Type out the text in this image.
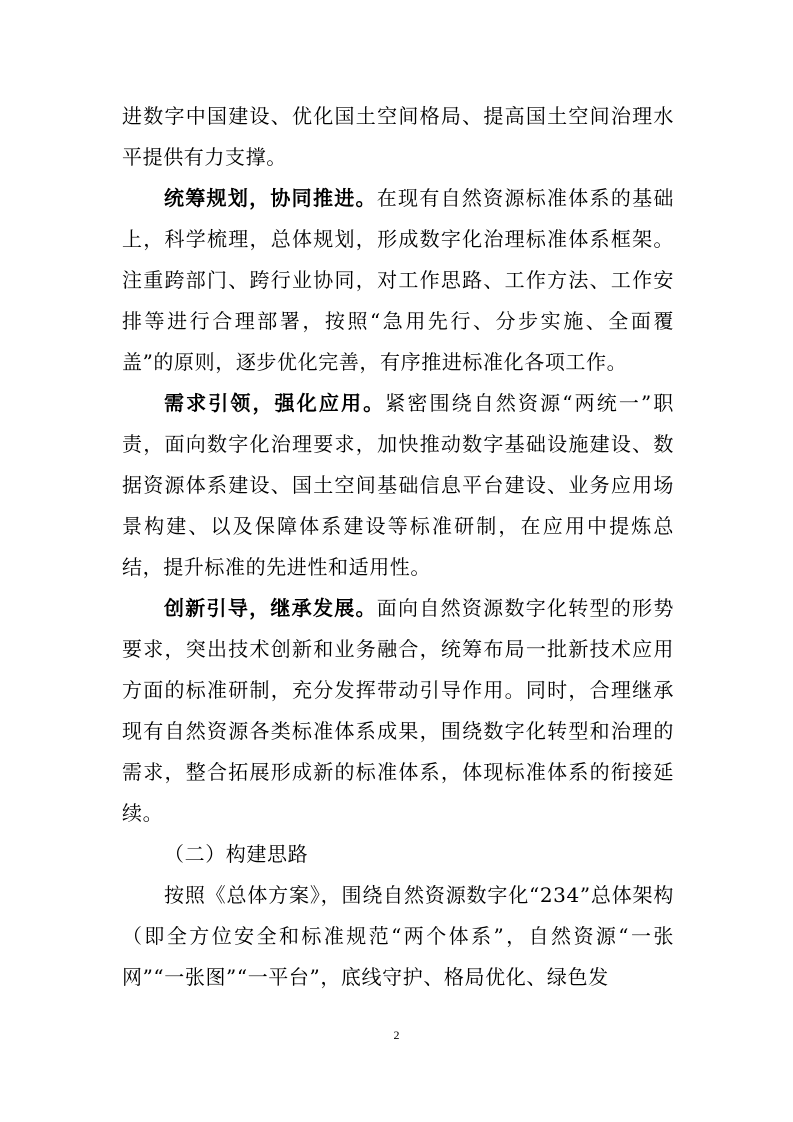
进数字中国建设、优化国土空间格局、提高国土空间治理水平提供有力支撑。

统筹规划，协同推进。在现有自然资源标准体系的基础上，科学梳理，总体规划，形成数字化治理标准体系框架。注重跨部门、跨行业协同，对工作思路、工作方法、工作安排等进行合理部署，按照“急用先行、分步实施、全面覆盖”的原则，逐步优化完善，有序推进标准化各项工作。

需求引领，强化应用。紧密围绕自然资源“两统一”职责，面向数字化治理要求，加快推动数字基础设施建设、数据资源体系建设、国土空间基础信息平台建设、业务应用场景构建、以及保障体系建设等标准研制，在应用中提炼总结，提升标准的先进性和适用性。

创新引导，继承发展。面向自然资源数字化转型的形势要求，突出技术创新和业务融合，统筹布局一批新技术应用方面的标准研制，充分发挥带动引导作用。同时，合理继承现有自然资源各类标准体系成果，围绕数字化转型和治理的需求，整合拓展形成新的标准体系，体现标准体系的衔接延续。

（二）构建思路

按照《总体方案》，围绕自然资源数字化“234”总体架构（即全方位安全和标准规范“两个体系”，自然资源“一张网”“一张图”“一平台”，底线守护、格局优化、绿色发

2
